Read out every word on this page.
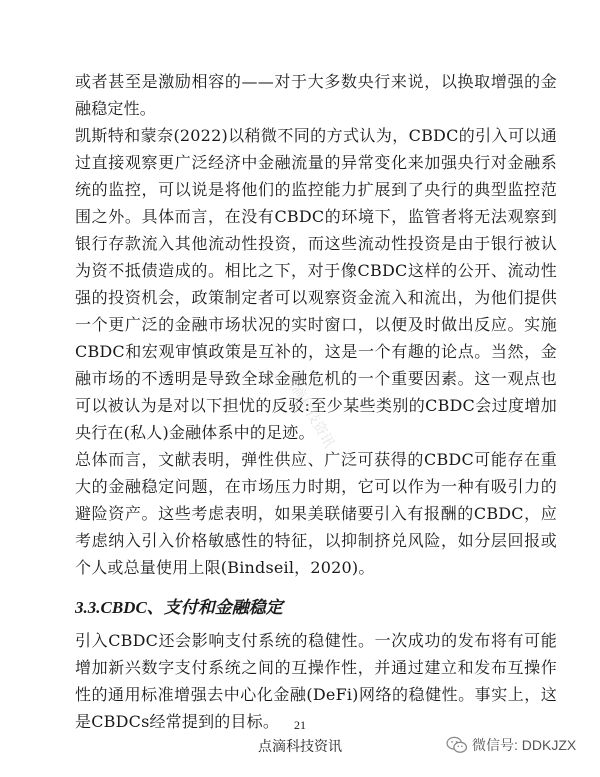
或者甚至是激励相容的——对于大多数央行来说，以换取增强的金融稳定性。
凯斯特和蒙奈(2022)以稍微不同的方式认为，CBDC的引入可以通过直接观察更广泛经济中金融流量的异常变化来加强央行对金融系统的监控，可以说是将他们的监控能力扩展到了央行的典型监控范围之外。具体而言，在没有CBDC的环境下，监管者将无法观察到银行存款流入其他流动性投资，而这些流动性投资是由于银行被认为资不抵债造成的。相比之下，对于像CBDC这样的公开、流动性强的投资机会，政策制定者可以观察资金流入和流出，为他们提供一个更广泛的金融市场状况的实时窗口，以便及时做出反应。实施CBDC和宏观审慎政策是互补的，这是一个有趣的论点。当然，金融市场的不透明是导致全球金融危机的一个重要因素。这一观点也可以被认为是对以下担忧的反驳:至少某些类别的CBDC会过度增加央行在(私人)金融体系中的足迹。
总体而言，文献表明，弹性供应、广泛可获得的CBDC可能存在重大的金融稳定问题，在市场压力时期，它可以作为一种有吸引力的避险资产。这些考虑表明，如果美联储要引入有报酬的CBDC，应考虑纳入引入价格敏感性的特征，以抑制挤兑风险，如分层回报或个人或总量使用上限(Bindseil，2020)。
3.3.CBDC、支付和金融稳定
引入CBDC还会影响支付系统的稳健性。一次成功的发布将有可能增加新兴数字支付系统之间的互操作性，并通过建立和发布互操作性的通用标准增强去中心化金融(DeFi)网络的稳健性。事实上，这是CBDCs经常提到的目标。
点滴科技资讯
21
点滴科技资讯	微信号: DDKJZX
